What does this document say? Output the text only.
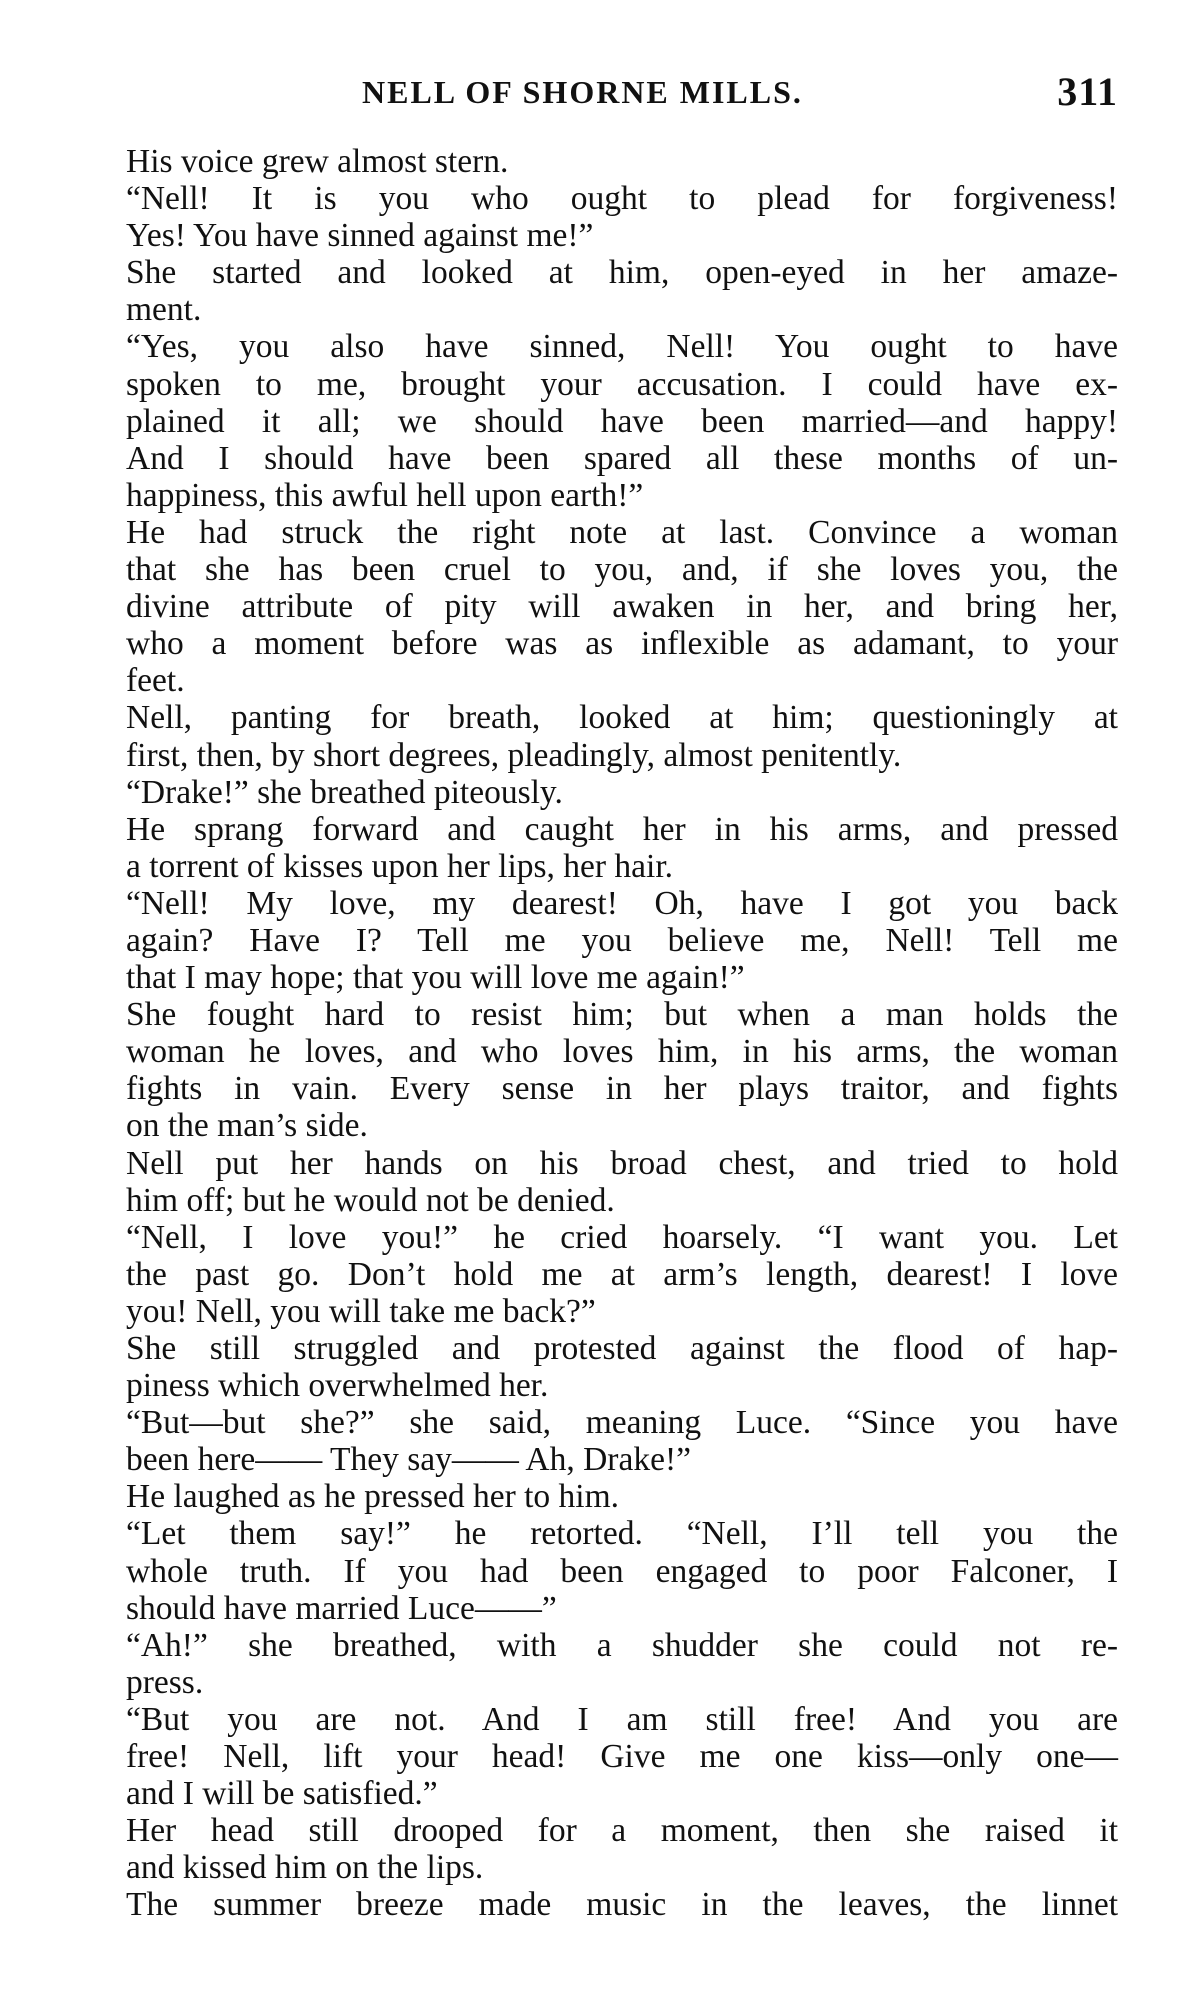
NELL OF SHORNE MILLS.	311

His voice grew almost stern.

“Nell! It is you who ought to plead for forgiveness!
Yes! You have sinned against me!”

She started and looked at him, open-eyed in her amaze-
ment.

“Yes, you also have sinned, Nell! You ought to have
spoken to me, brought your accusation. I could have ex-
plained it all; we should have been married—and happy!
And I should have been spared all these months of un-
happiness, this awful hell upon earth!”

He had struck the right note at last. Convince a woman
that she has been cruel to you, and, if she loves you, the
divine attribute of pity will awaken in her, and bring her,
who a moment before was as inflexible as adamant, to your
feet.

Nell, panting for breath, looked at him; questioningly at
first, then, by short degrees, pleadingly, almost penitently.

“Drake!” she breathed piteously.

He sprang forward and caught her in his arms, and pressed
a torrent of kisses upon her lips, her hair.

“Nell! My love, my dearest! Oh, have I got you back
again? Have I? Tell me you believe me, Nell! Tell me
that I may hope; that you will love me again!”

She fought hard to resist him; but when a man holds the
woman he loves, and who loves him, in his arms, the woman
fights in vain. Every sense in her plays traitor, and fights
on the man’s side.

Nell put her hands on his broad chest, and tried to hold
him off; but he would not be denied.

“Nell, I love you!” he cried hoarsely. “I want you. Let
the past go. Don’t hold me at arm’s length, dearest! I love
you! Nell, you will take me back?”

She still struggled and protested against the flood of hap-
piness which overwhelmed her.

“But—but she?” she said, meaning Luce. “Since you have
been here—— They say—— Ah, Drake!”

He laughed as he pressed her to him.

“Let them say!” he retorted. “Nell, I’ll tell you the
whole truth. If you had been engaged to poor Falconer, I
should have married Luce——”

“Ah!” she breathed, with a shudder she could not re-
press.

“But you are not. And I am still free! And you are
free! Nell, lift your head! Give me one kiss—only one—
and I will be satisfied.”

Her head still drooped for a moment, then she raised it
and kissed him on the lips.

The summer breeze made music in the leaves, the linnet
